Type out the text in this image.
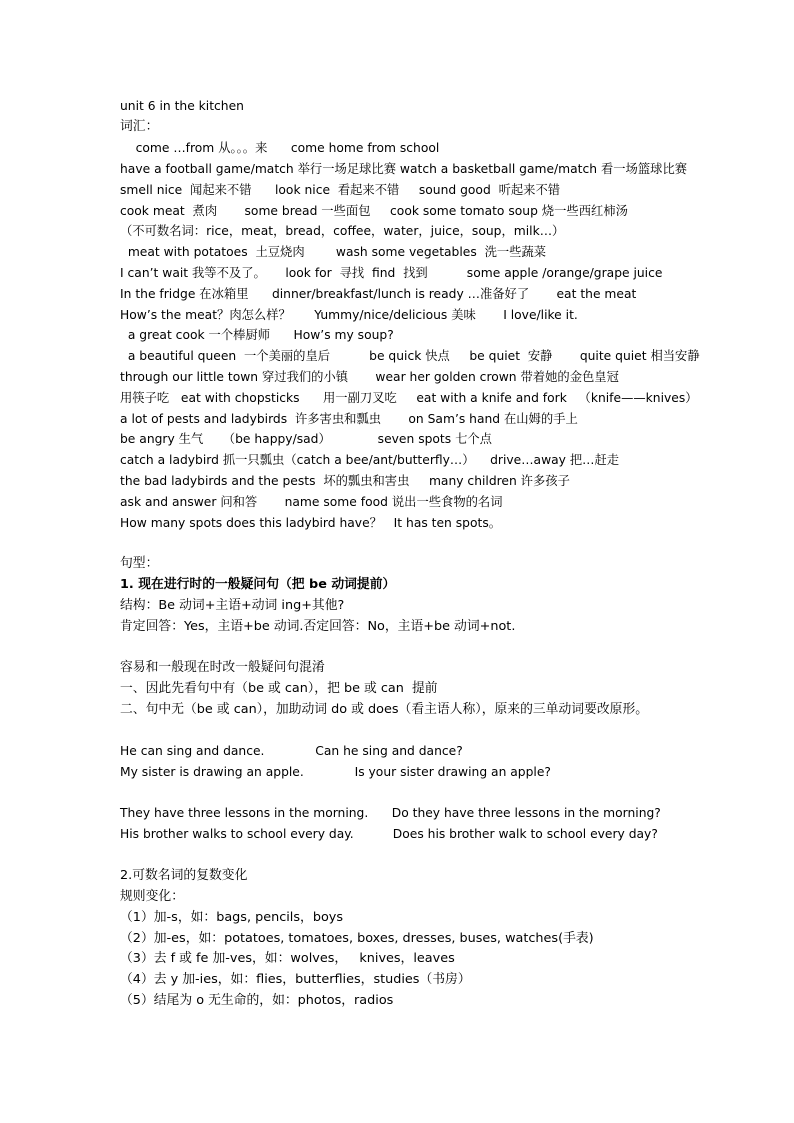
unit 6 in the kitchen
词汇：
come …from 从。。。来      come home from school
have a football game/match 举行一场足球比赛 watch a basketball game/match 看一场篮球比赛
smell nice  闻起来不错      look nice  看起来不错     sound good  听起来不错
cook meat  煮肉       some bread 一些面包     cook some tomato soup 烧一些西红柿汤
（不可数名词：rice，meat，bread，coffee，water，juice，soup，milk…）
meat with potatoes  土豆烧肉        wash some vegetables  洗一些蔬菜
I can’t wait 我等不及了。     look for  寻找  find  找到          some apple /orange/grape juice
In the fridge 在冰箱里      dinner/breakfast/lunch is ready …准备好了       eat the meat
How’s the meat？肉怎么样？      Yummy/nice/delicious 美味       I love/like it.
a great cook 一个棒厨师      How’s my soup?
a beautiful queen  一个美丽的皇后          be quick 快点     be quiet  安静       quite quiet 相当安静
through our little town 穿过我们的小镇       wear her golden crown 带着她的金色皇冠
用筷子吃   eat with chopsticks      用一副刀叉吃     eat with a knife and fork   （knife——knives）
a lot of pests and ladybirds  许多害虫和瓢虫       on Sam’s hand 在山姆的手上
be angry 生气     （be happy/sad）            seven spots 七个点
catch a ladybird 抓一只瓢虫（catch a bee/ant/butterfly…）    drive…away 把…赶走
the bad ladybirds and the pests  坏的瓢虫和害虫     many children 许多孩子
ask and answer 问和答       name some food 说出一些食物的名词
How many spots does this ladybird have？   It has ten spots。
句型：
1. 现在进行时的一般疑问句（把 be 动词提前）
结构：Be 动词+主语+动词 ing+其他?
肯定回答：Yes，主语+be 动词.否定回答：No，主语+be 动词+not.
容易和一般现在时改一般疑问句混淆
一、因此先看句中有（be 或 can），把 be 或 can  提前
二、句中无（be 或 can），加助动词 do 或 does（看主语人称），原来的三单动词要改原形。
He can sing and dance.             Can he sing and dance?
My sister is drawing an apple.             Is your sister drawing an apple?
They have three lessons in the morning.      Do they have three lessons in the morning?
His brother walks to school every day.          Does his brother walk to school every day?
2.可数名词的复数变化
规则变化：
（1）加-s，如：bags, pencils，boys
（2）加-es，如：potatoes, tomatoes, boxes, dresses, buses, watches(手表)
（3）去 f 或 fe 加-ves，如：wolves，   knives，leaves
（4）去 y 加-ies，如：flies，butterflies，studies（书房）
（5）结尾为 o 无生命的，如：photos，radios
